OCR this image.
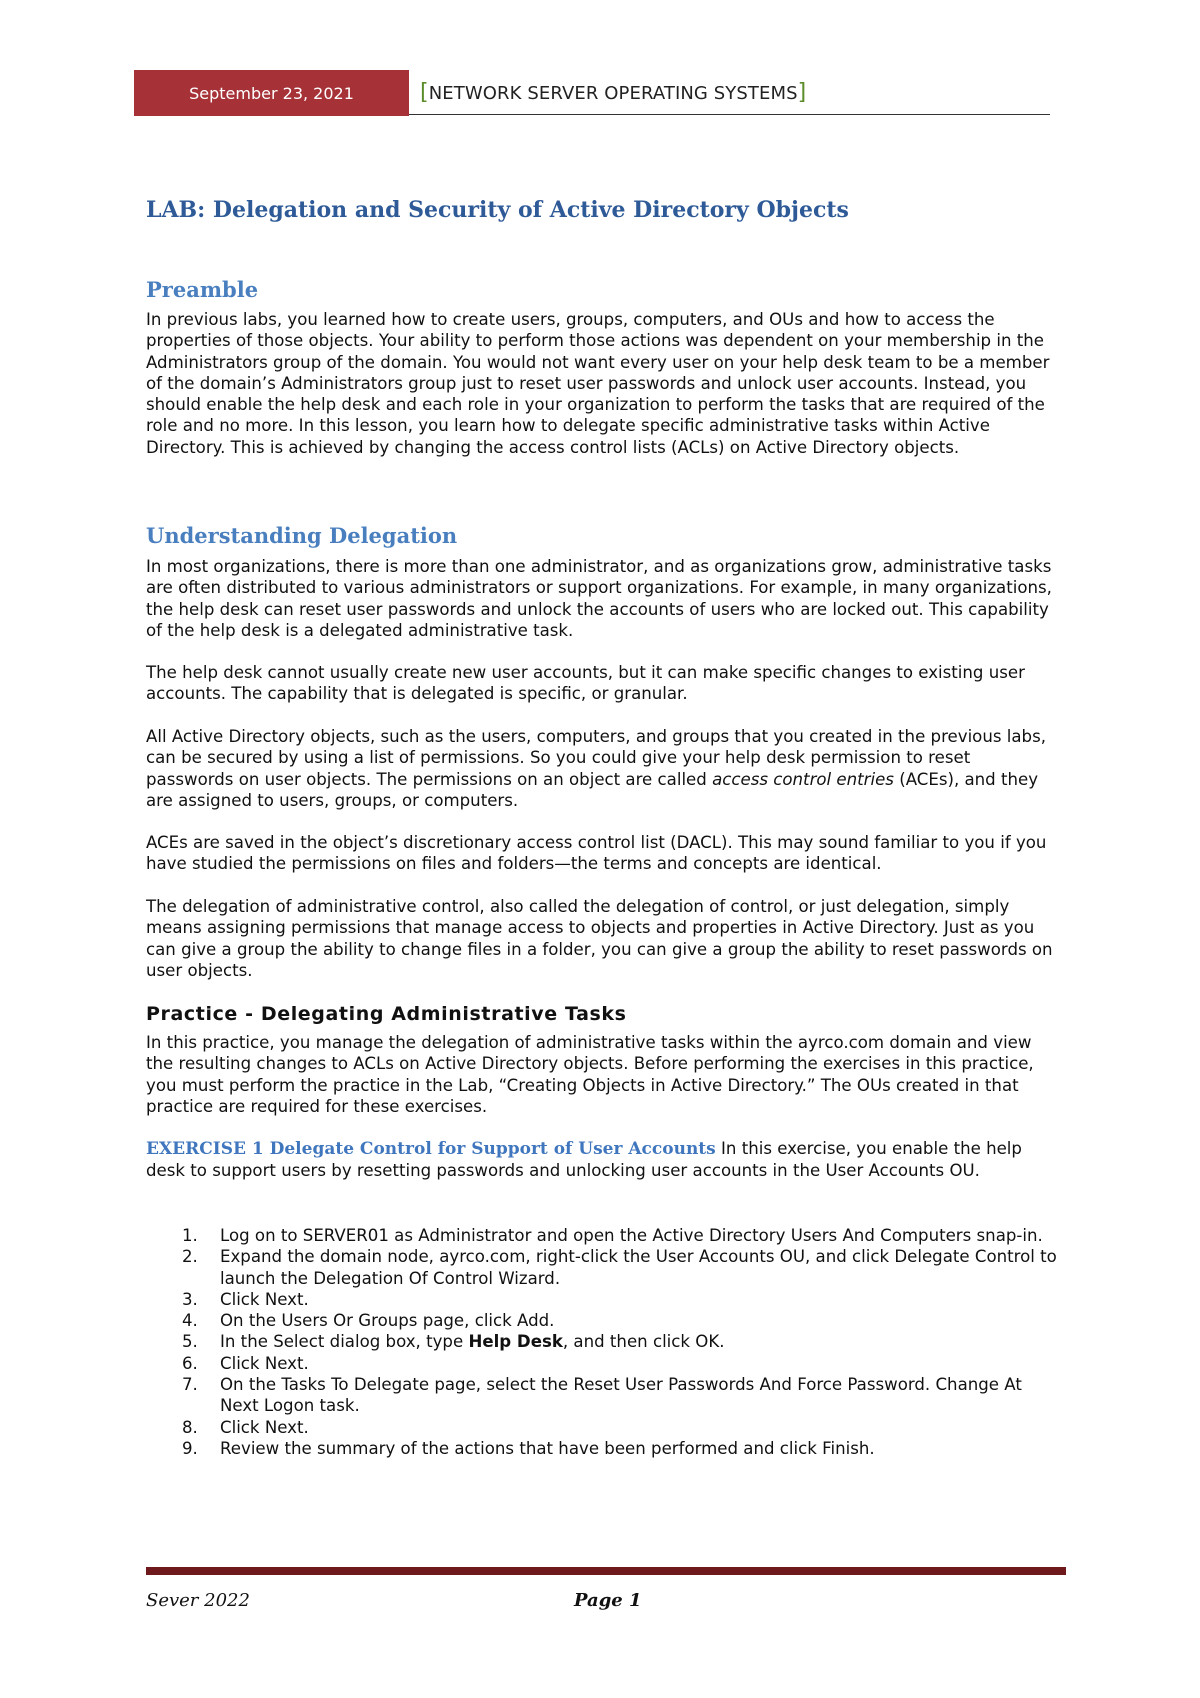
September 23, 2021	[NETWORK SERVER OPERATING SYSTEMS]
LAB: Delegation and Security of Active Directory Objects
Preamble

In previous labs, you learned how to create users, groups, computers, and OUs and how to access the properties of those objects. Your ability to perform those actions was dependent on your membership in the Administrators group of the domain. You would not want every user on your help desk team to be a member of the domain’s Administrators group just to reset user passwords and unlock user accounts. Instead, you should enable the help desk and each role in your organization to perform the tasks that are required of the role and no more. In this lesson, you learn how to delegate specific administrative tasks within Active Directory. This is achieved by changing the access control lists (ACLs) on Active Directory objects.

Understanding Delegation

In most organizations, there is more than one administrator, and as organizations grow, administrative tasks are often distributed to various administrators or support organizations. For example, in many organizations, the help desk can reset user passwords and unlock the accounts of users who are locked out. This capability of the help desk is a delegated administrative task.

The help desk cannot usually create new user accounts, but it can make specific changes to existing user accounts. The capability that is delegated is specific, or granular.

All Active Directory objects, such as the users, computers, and groups that you created in the previous labs, can be secured by using a list of permissions. So you could give your help desk permission to reset passwords on user objects. The permissions on an object are called access control entries (ACEs), and they are assigned to users, groups, or computers.

ACEs are saved in the object’s discretionary access control list (DACL). This may sound familiar to you if you have studied the permissions on files and folders—the terms and concepts are identical.

The delegation of administrative control, also called the delegation of control, or just delegation, simply means assigning permissions that manage access to objects and properties in Active Directory. Just as you can give a group the ability to change files in a folder, you can give a group the ability to reset passwords on user objects.

Practice - Delegating Administrative Tasks

In this practice, you manage the delegation of administrative tasks within the ayrco.com domain and view the resulting changes to ACLs on Active Directory objects. Before performing the exercises in this practice, you must perform the practice in the Lab, “Creating Objects in Active Directory.” The OUs created in that practice are required for these exercises.

EXERCISE 1 Delegate Control for Support of User Accounts In this exercise, you enable the help desk to support users by resetting passwords and unlocking user accounts in the User Accounts OU.

1. Log on to SERVER01 as Administrator and open the Active Directory Users And Computers snap-in.
2. Expand the domain node, ayrco.com, right-click the User Accounts OU, and click Delegate Control to launch the Delegation Of Control Wizard.
3. Click Next.
4. On the Users Or Groups page, click Add.
5. In the Select dialog box, type Help Desk, and then click OK.
6. Click Next.
7. On the Tasks To Delegate page, select the Reset User Passwords And Force Password. Change At Next Logon task.
8. Click Next.
9. Review the summary of the actions that have been performed and click Finish.
Sever 2022	Page 1
